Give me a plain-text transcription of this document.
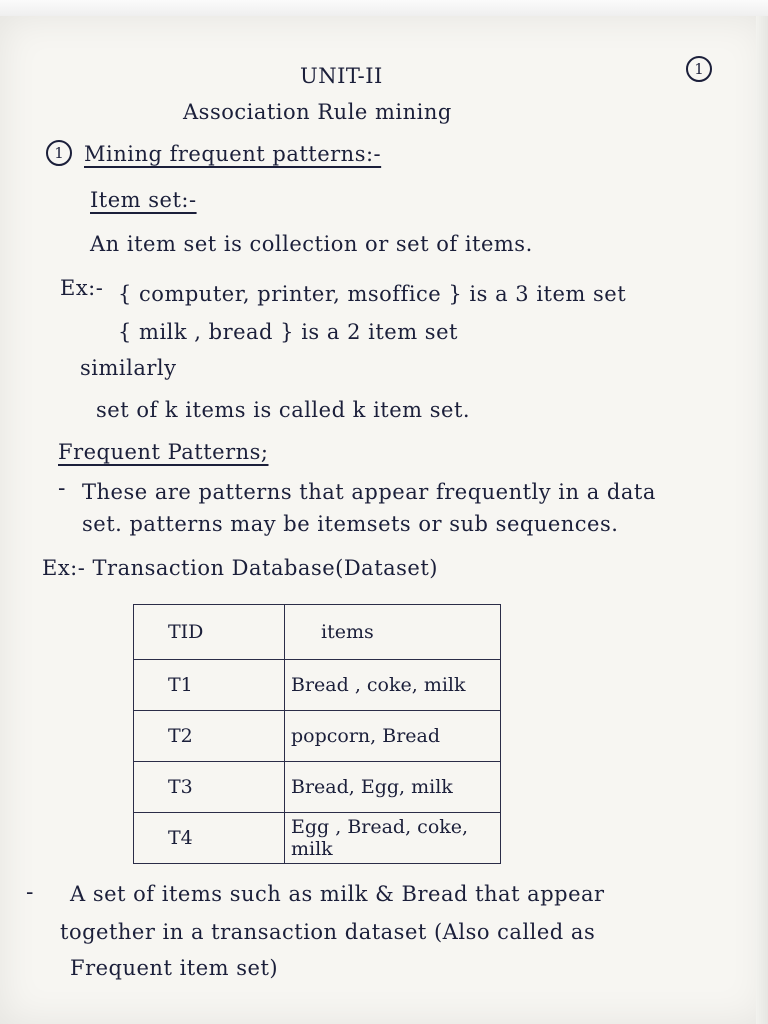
1
UNIT-II
Association Rule mining
1 Mining frequent patterns:-
Item set:-
An item set is collection or set of items.
Ex:- { computer, printer, msoffice } is a 3 item set
{ milk , bread } is a 2 item set
similarly
set of k items is called k item set.
Frequent Patterns;
- These are patterns that appear frequently in a data
set. patterns may be itemsets or sub sequences.
Ex:- Transaction Database(Dataset)
TID	items
T1	Bread , coke, milk
T2	popcorn, Bread
T3	Bread, Egg, milk
T4	Egg , Bread, coke, milk
- A set of items such as milk & Bread that appear
together in a transaction dataset (Also called as
Frequent item set)
